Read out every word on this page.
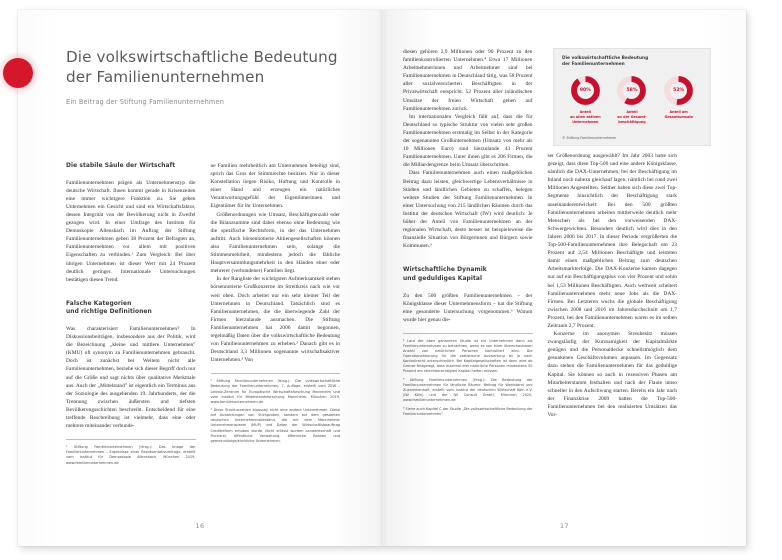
Die volkswirtschaftliche Bedeutung
der Familienunternehmen
Ein Beitrag der Stiftung Familienunternehmen
Die stabile Säule der Wirtschaft
Familienunternehmen prägen als Unternehmenstyp die deutsche Wirtschaft. Ihnen kommt gerade in Krisenzeiten eine immer wichtigere Funktion zu. Sie geben Unternehmen ein Gesicht und sind ein Wirtschaftsfaktor, dessen Integrität von der Bevölkerung nicht in Zweifel gezogen wird. In einer Umfrage des Instituts für Demoskopie Allensbach im Auftrag der Stiftung Familienunternehmen geben 38 Prozent der Befragten an, Familienunternehmen vor allem mit positiven Eigenschaften zu verbinden.¹ Zum Vergleich: Bei über übrigen Unternehmen ist dieser Wert mit 24 Prozent deutlich geringer. Internationale Untersuchungen bestätigen diesen Trend.
Falsche Kategorien
und richtige Definitionen
Was charakterisiert Familienunternehmen? In Diskussionsbeiträgen, insbesondere aus der Politik, wird die Bezeichnung „kleine und mittlere Unternehmen" (KMU) oft synonym zu Familienunternehmen gebraucht. Doch ist zunächst bei Weitem nicht alle Familienunternehmen, beziehe sich dieser Begriff doch nur auf die Größe und sagt nichts über qualitative Merkmale aus. Auch der „Mittelstand" ist eigentlich ein Terminus aus der Soziologie des ausgehenden 19. Jahrhunderts, der die Trennung zwischen äußersten und tiefsten Bevölkerungsschichten beschreibt. Entscheidend für eine treffende Beschreibung ist vielmehr, dass eine oder mehrere miteinander verbunde-
¹ Stiftung Familienunternehmen (Hrsg.): Das Image der Familienunternehmen – Ergebnisse einer Repräsentativumfrage, erstellt vom Institut für Demoskopie Allensbach, München 2019, www.familienunternehmen.de
ne Familien mehrheitlich am Unternehmen beteiligt sind, sprich das Gros der Stimmrechte besitzen. Nur in dieser Konstellation liegen Risiko, Haftung und Kontrolle in einer Hand und erzeugen ein natürliches Verantwortungsgefühl der Eigentümerinnen und Eigentümer für ihr Unternehmen.
Größenordnungen wie Umsatz, Beschäftigtenzahl oder die Bilanzsumme sind dabei ebenso ohne Bedeutung wie die spezifische Rechtsform, in der das Unternehmen auftritt. Auch börsennotierte Aktiengesellschaften können also Familienunternehmen sein, solange die Stimmenmehrheit, mindestens jedoch die fähliche Hauptversammlungsmehrheit in den Händen einer oder mehrerer (verbundener) Familien liegt.
In der Rangliste der wichtigsten Aufmerksamkeit stehen börsennotierte Großkonzerne im Streitkreis nach wie vor weit oben. Doch arbeitet nur ein sehr kleiner Teil der Unternehmen in Deutschland. Tatsächlich sind es Familienunternehmen, die die überwiegende Zahl der Firmen hierzulande ausmachen. Die Stiftung Familienunternehmen hat 2006 damit begonnen, regelmäßig Daten über die volkswirtschaftliche Bedeutung von Familienunternehmen zu erheben.² Danach gibt es in Deutschland 3,3 Millionen sogenannte wirtschaftsaktiver Unternehmen.³ Von
² Stiftung Familienunternehmen (Hrsg.): Die volkswirtschaftliche Bedeutung der Familienunternehmen, 7. Auflage, erstellt vom ZEW – Leibniz-Zentrum für Europäische Wirtschaftsforschung Mannheim und vom Institut für Mittelstandsforschung Mannheim, München 2019, www.familienunternehmen.de
³ Diese Strukturzahlen bioassay nicht eine andere Unternehmen. Diese auf Auswirkungen von Stichproben, sondern auf dem gesamten deutschen Unternehmensbestand, die mit dem Mannheimer Unternehmenspanel (MUP) und Daten der Wirtschaftlsbeauftrag Creditreform erhoben wurde. Nicht erfasst wurden Landwirtschaft und Fischerei, öffentliche Verwaltung, öffentliche Banken und gemeinnützige/kirchliche Unternehmen.
16
diesen gehören 2,9 Millionen oder 90 Prozent zu den familienkontrollierten Unternehmen.⁴ Etwa 17 Millionen Arbeitnehmerinnen und Arbeitnehmer sind bei Familienunternehmen in Deutschland tätig, was 58 Prozent aller sozialversicherten Beschäftigten in der Privatwirtschaft entspricht. 52 Prozent aller inländischen Umsätze der freien Wirtschaft gehen auf Familienunternehmen zurück.
Im internationalen Vergleich fällt auf, dass die für Deutschland so typische Struktur von vielen sehr großen Familienunternehmen erstmalig im Selbst in der Kategorie der sogenannten Großunternehmen (Umsatz von mehr als 10 Millionen Euro) sind hierzulande 43 Prozent Familienunternehmen. Unter ihnen gibt es 206 Firmen, die die Milliardengrenze beim Umsatz überschritten.
Dass Familienunternehmen auch einen maßgeblichen Beitrag dazu leisten, gleichwertige Lebensverhältnisse in Städten und ländlichen Gebieten zu schaffen, belegen weitere Studien der Stiftung Familienunternehmen. In einer Untersuchung von 215 ländlichen Räumen durch das Institut der deutschen Wirtschaft (IW) wird deutlich: Je höher der Anteil von Familienunternehmen an der regionalen Wirtschaft, desto besser ist beispielsweise die finanzielle Situation von Bürgerinnen und Bürgern sowie Kommunen.⁵
Wirtschaftliche Dynamik
und geduldiges Kapital
Zu den 500 größten Familienunternehmen – der Königsklasse dieser Unternehmensform – hat die Stiftung eine gesonderte Untersuchung vorgenommen.⁶ Warum wurde hier genau die-
⁴ Laut der oben genannten Studie ist ein Unternehmen dann als Familienunternehmen zu betrachten, wenn es von einer überschaubaren Anzahl von natürlichen Personen kontrolliert wird. Die Operationalisierung für die statistische Auswertung ist je nach Kontrollrecht unterschiedlich. Bei Kapitalgesellschaften ist dann wird ab Grenze festgelegt, dass maximal drei natürliche Personen mindestens 50 Prozent am stimmberechtigten Kapital halten müssen.
⁵ Stiftung Familienunternehmen (Hrsg.): Die Bedeutung der Familienunternehmen für ländliche Räume. Beitrag für Wohlstand und Zusammenhalt, erstellt vom Institut der deutschen Wirtschaft Köln e.V. (IW Köln) und der IW Consult GmbH, München 2020, www.familienunternehmen.de
⁶ Siehe auch Kapitel C der Studie „Die volkswirtschaftliche Bedeutung der Familienunternehmen".
ser Größenordnung ausgewählt? Im Jahr 2003 hatte sich gezeigt, dass diese Top-500 und eine andere Königsklasse, nämlich die DAX-Unternehmen, bei der Beschäftigung im Inland noch nahezu gleichauf lagen, nämlich bei rund zwei Millionen Angestellten. Seither haben sich diese zwei Top-Segmente hinsichtlich der Beschäftigung stark auseinanderentwickelt: Bei den 500 größten Familienunternehmen arbeiten mittlerweile deutlich mehr Menschen als bei den vorweisenden DAX-Schwergewichten. Besonders deutlich wird dies in den Jahren 2006 bis 2017. In dieser Periode vergrößerten die Top-500-Familienunternehmen ihre Belegschaft um 23 Prozent auf 2,54 Millionen Beschäftigte und leisteten damit einen maßgeblichen Beitrag zum deutschen Arbeitsmarkterfolge. Die DAX-Konzerne kamen dagegen nur auf ein Beschäftigungsplus von vier Prozent und sohin bei 1,53 Millionen Beschäftigten. Auch weltweit scheitert Familienunternehmen mehr neue Jobs als die DAX-Firmen. Bei Letzteren wuchs die globale Beschäftigung zwischen 2008 und 2016 im Jahresdurchschnitt um 1,7 Prozent, bei den Familienunternehmen waren es im selben Zeitraum 2,7 Prozent.
Konzerne im anonymen Streubesitz müssen zwangsläufig der Kurzsamigkeit der Kapitalmärkte genügen und die Personaldecke schnellstmöglich dem gesunkenen Geschäftsvolumen anpassen. Im Gegensatz dazu stehen die Familienunternehmen für das geduldige Kapital. Sie können so auch in rezessiven Phasen am Mitarbeiterstamm festhalten und nach der Flaute umso schneller in den Aufschwung starten. Bereits ein Jahr nach der Finanzkrise 2009 hatten die Top-500-Familienunternehmen bei den realisierten Umsätzen das Vor-
Die volkswirtschaftliche Bedeutung
der Familienunternehmen
90%
Anteil
an allen aktiven
Unternehmen
58%
Anteil
an der Gesamt-
beschäftigung
52%
Anteil am
Gesamtumsatz
© Stiftung Familienunternehmen
17
